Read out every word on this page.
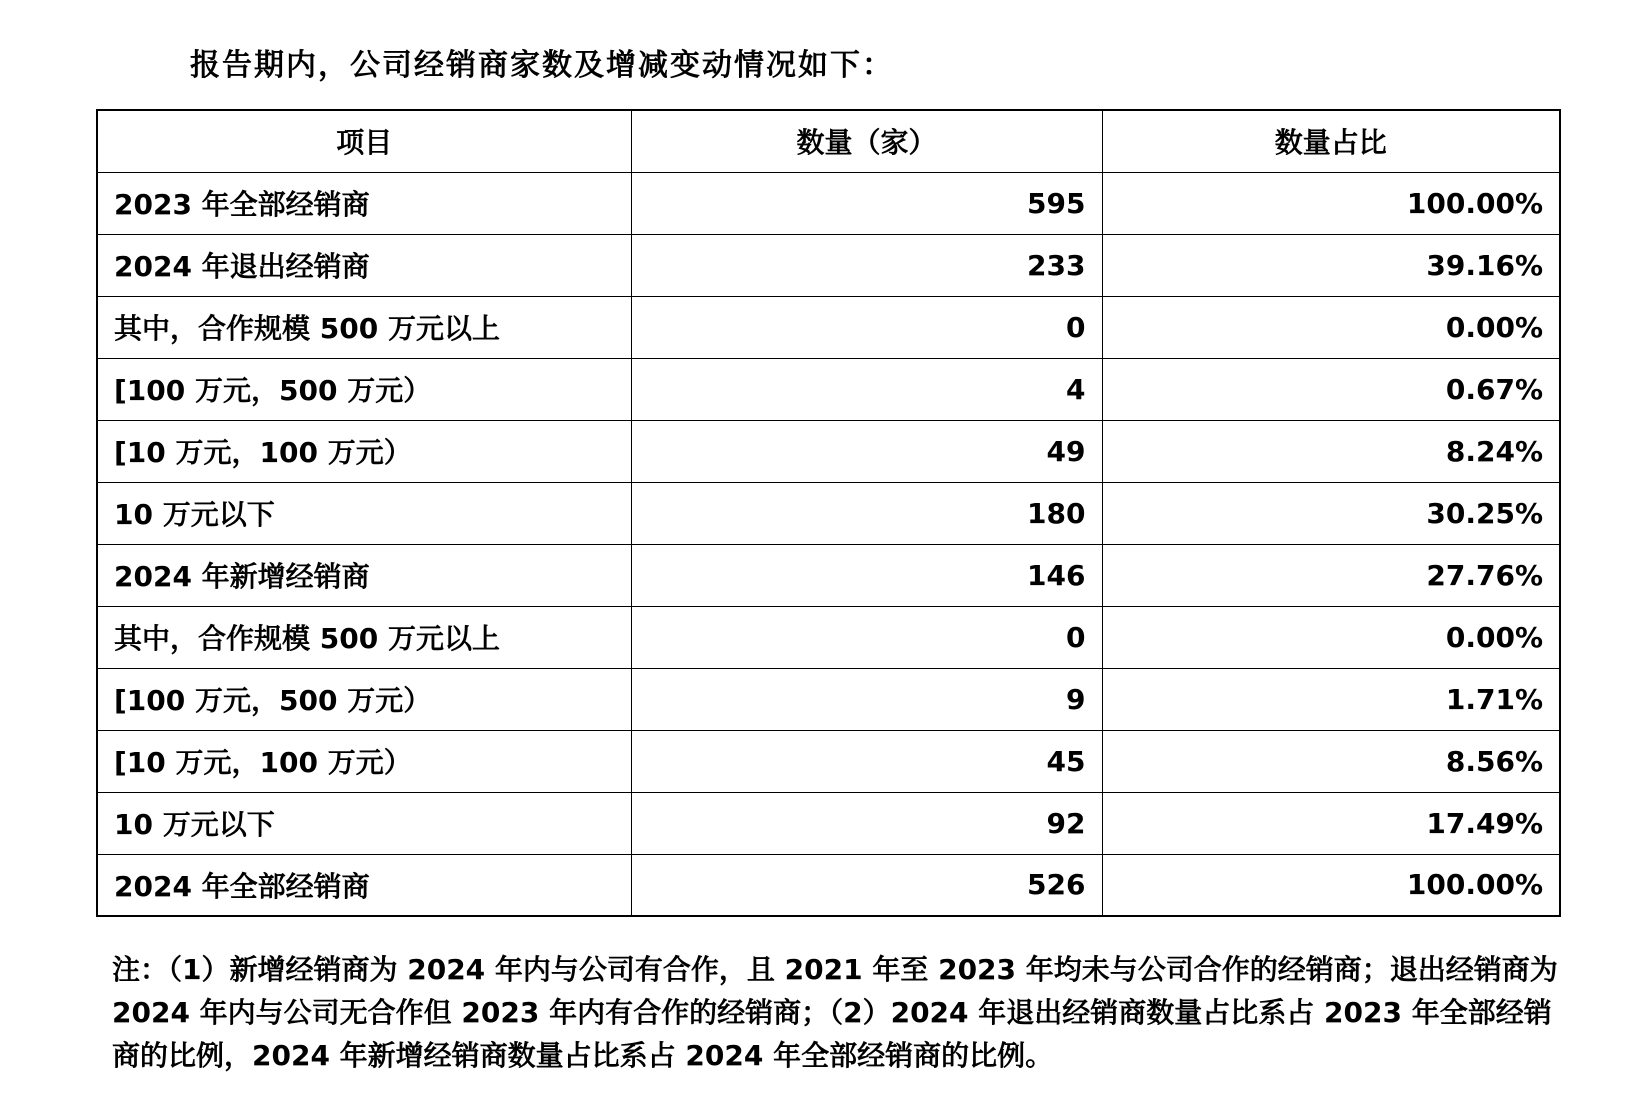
报告期内，公司经销商家数及增减变动情况如下：
项目	数量（家）	数量占比
2023 年全部经销商	595	100.00%
2024 年退出经销商	233	39.16%
其中，合作规模 500 万元以上	0	0.00%
[100 万元，500 万元）	4	0.67%
[10 万元，100 万元）	49	8.24%
10 万元以下	180	30.25%
2024 年新增经销商	146	27.76%
其中，合作规模 500 万元以上	0	0.00%
[100 万元，500 万元）	9	1.71%
[10 万元，100 万元）	45	8.56%
10 万元以下	92	17.49%
2024 年全部经销商	526	100.00%
注：（1）新增经销商为 2024 年内与公司有合作，且 2021 年至 2023 年均未与公司合作的经销商；退出经销商为 2024 年内与公司无合作但 2023 年内有合作的经销商；（2）2024 年退出经销商数量占比系占 2023 年全部经销商的比例，2024 年新增经销商数量占比系占 2024 年全部经销商的比例。
